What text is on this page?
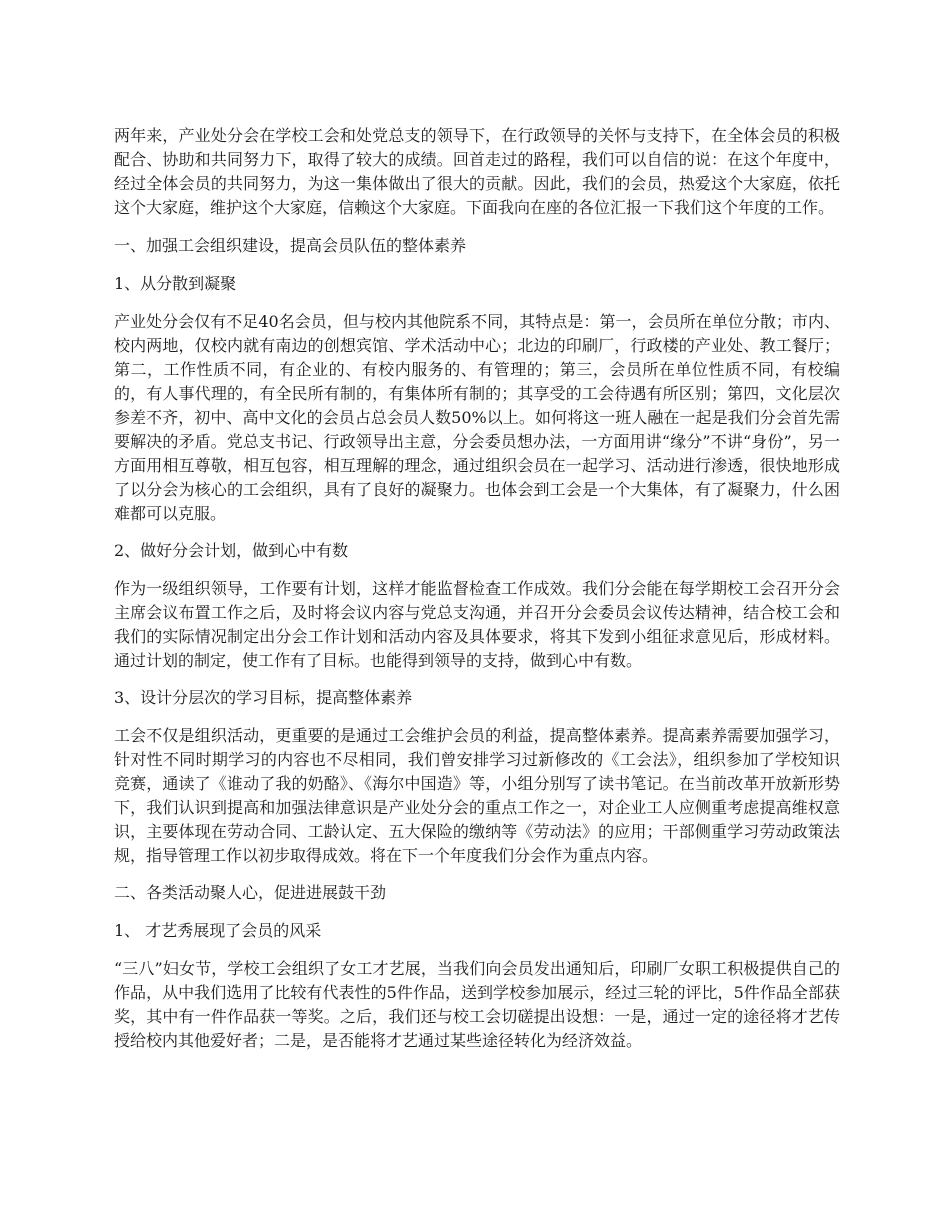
两年来，产业处分会在学校工会和处党总支的领导下，在行政领导的关怀与支持下，在全体会员的积极配合、协助和共同努力下，取得了较大的成绩。回首走过的路程，我们可以自信的说：在这个年度中，经过全体会员的共同努力，为这一集体做出了很大的贡献。因此，我们的会员，热爱这个大家庭，依托这个大家庭，维护这个大家庭，信赖这个大家庭。下面我向在座的各位汇报一下我们这个年度的工作。

一、加强工会组织建设，提高会员队伍的整体素养

1、从分散到凝聚

产业处分会仅有不足40名会员，但与校内其他院系不同，其特点是：第一，会员所在单位分散；市内、校内两地，仅校内就有南边的创想宾馆、学术活动中心；北边的印刷厂，行政楼的产业处、教工餐厅；第二，工作性质不同，有企业的、有校内服务的、有管理的；第三，会员所在单位性质不同，有校编的，有人事代理的，有全民所有制的，有集体所有制的；其享受的工会待遇有所区别；第四，文化层次参差不齐，初中、高中文化的会员占总会员人数50%以上。如何将这一班人融在一起是我们分会首先需要解决的矛盾。党总支书记、行政领导出主意，分会委员想办法，一方面用讲“缘分”不讲“身份”，另一方面用相互尊敬，相互包容，相互理解的理念，通过组织会员在一起学习、活动进行渗透，很快地形成了以分会为核心的工会组织，具有了良好的凝聚力。也体会到工会是一个大集体，有了凝聚力，什么困难都可以克服。

2、做好分会计划，做到心中有数

作为一级组织领导，工作要有计划，这样才能监督检查工作成效。我们分会能在每学期校工会召开分会主席会议布置工作之后，及时将会议内容与党总支沟通，并召开分会委员会议传达精神，结合校工会和我们的实际情况制定出分会工作计划和活动内容及具体要求，将其下发到小组征求意见后，形成材料。通过计划的制定，使工作有了目标。也能得到领导的支持，做到心中有数。

3、设计分层次的学习目标，提高整体素养

工会不仅是组织活动，更重要的是通过工会维护会员的利益，提高整体素养。提高素养需要加强学习，针对性不同时期学习的内容也不尽相同，我们曾安排学习过新修改的《工会法》，组织参加了学校知识竞赛，通读了《谁动了我的奶酪》、《海尔中国造》等，小组分别写了读书笔记。在当前改革开放新形势下，我们认识到提高和加强法律意识是产业处分会的重点工作之一，对企业工人应侧重考虑提高维权意识，主要体现在劳动合同、工龄认定、五大保险的缴纳等《劳动法》的应用；干部侧重学习劳动政策法规，指导管理工作以初步取得成效。将在下一个年度我们分会作为重点内容。

二、各类活动聚人心，促进进展鼓干劲

1、 才艺秀展现了会员的风采

“三八”妇女节，学校工会组织了女工才艺展，当我们向会员发出通知后，印刷厂女职工积极提供自己的作品，从中我们选用了比较有代表性的5件作品，送到学校参加展示，经过三轮的评比，5件作品全部获奖，其中有一件作品获一等奖。之后，我们还与校工会切磋提出设想：一是，通过一定的途径将才艺传授给校内其他爱好者；二是，是否能将才艺通过某些途径转化为经济效益。
